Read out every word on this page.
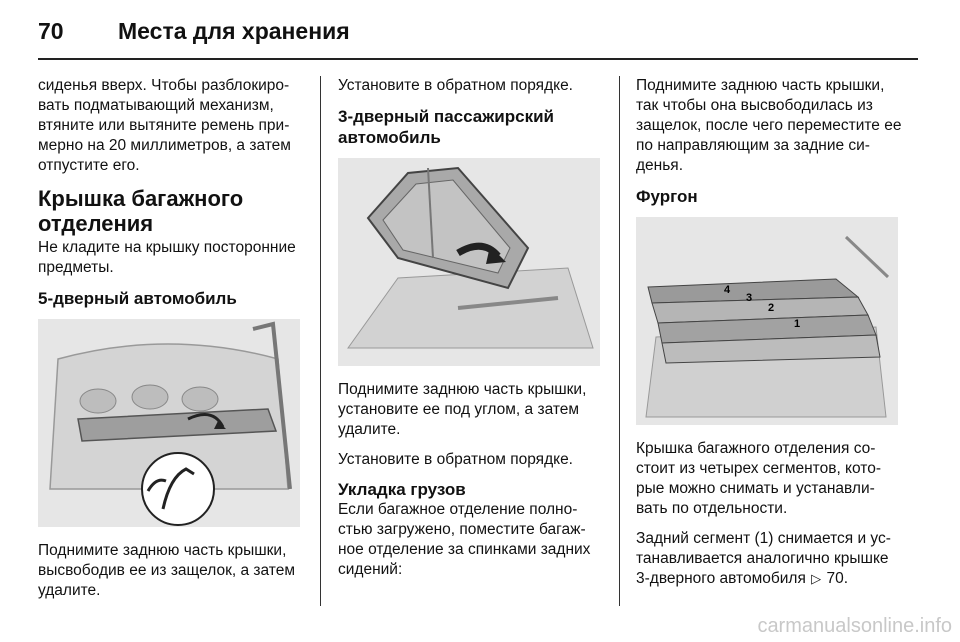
70 Места для хранения

сиденья вверх. Чтобы разблокиро-вать подматывающий механизм, втяните или вытяните ремень при-мерно на 20 миллиметров, а затем отпустите его.

Крышка багажного отделения

Не кладите на крышку посторонние предметы.

5-дверный автомобиль

Поднимите заднюю часть крышки, высвободив ее из защелок, а затем удалите.

Установите в обратном порядке.

3-дверный пассажирский автомобиль

Поднимите заднюю часть крышки, установите ее под углом, а затем удалите.

Установите в обратном порядке.

Укладка грузов

Если багажное отделение полно-стью загружено, поместите багаж-ное отделение за спинками задних сидений:

Поднимите заднюю часть крышки, так чтобы она высвободилась из защелок, после чего переместите ее по направляющим за задние си-денья.

Фургон
4
3
2
1

Крышка багажного отделения со-стоит из четырех сегментов, кото-рые можно снимать и устанавли-вать по отдельности.

Задний сегмент (1) снимается и ус-танавливается аналогично крышке 3-дверного автомобиля ▷ 70.

carmanualsonline.info
